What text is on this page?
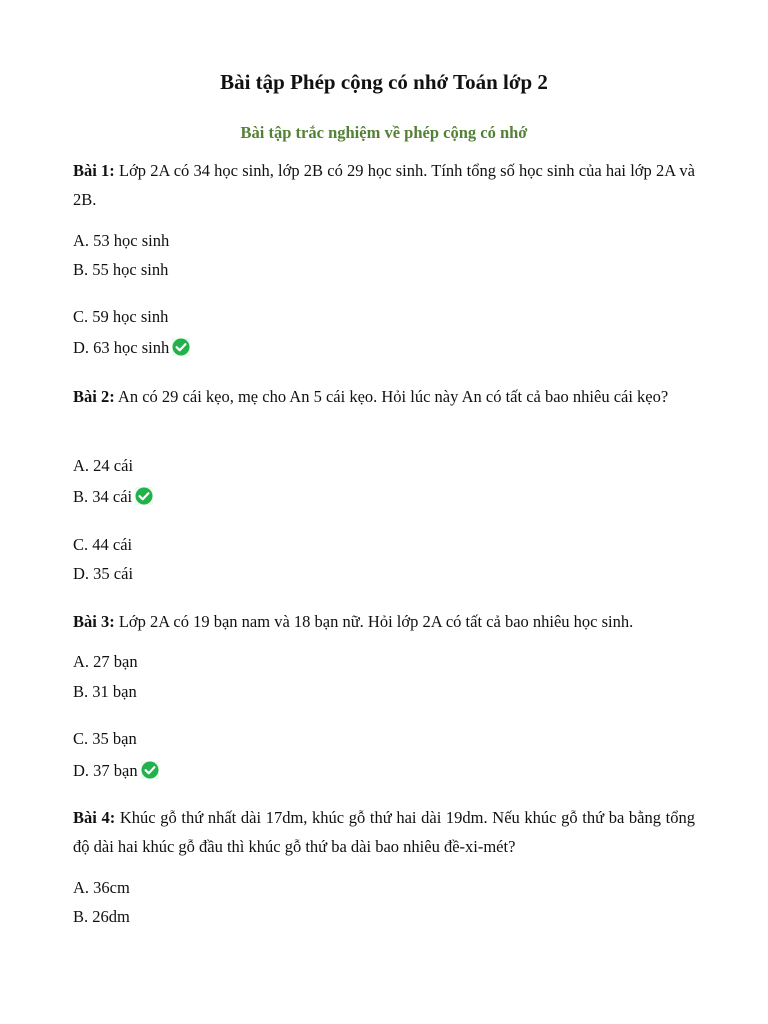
Bài tập Phép cộng có nhớ Toán lớp 2
Bài tập trắc nghiệm về phép cộng có nhớ
Bài 1: Lớp 2A có 34 học sinh, lớp 2B có 29 học sinh. Tính tổng số học sinh của hai lớp 2A và 2B.
A. 53 học sinh
B. 55 học sinh
C. 59 học sinh
D. 63 học sinh
Bài 2: An có 29 cái kẹo, mẹ cho An 5 cái kẹo. Hỏi lúc này An có tất cả bao nhiêu cái kẹo?
A. 24 cái
B. 34 cái
C. 44 cái
D. 35 cái
Bài 3: Lớp 2A có 19 bạn nam và 18 bạn nữ. Hỏi lớp 2A có tất cả bao nhiêu học sinh.
A. 27 bạn
B. 31 bạn
C. 35 bạn
D. 37 bạn
Bài 4: Khúc gỗ thứ nhất dài 17dm, khúc gỗ thứ hai dài 19dm. Nếu khúc gỗ thứ ba bằng tổng độ dài hai khúc gỗ đầu thì khúc gỗ thứ ba dài bao nhiêu đề-xi-mét?
A. 36cm
B. 26dm
